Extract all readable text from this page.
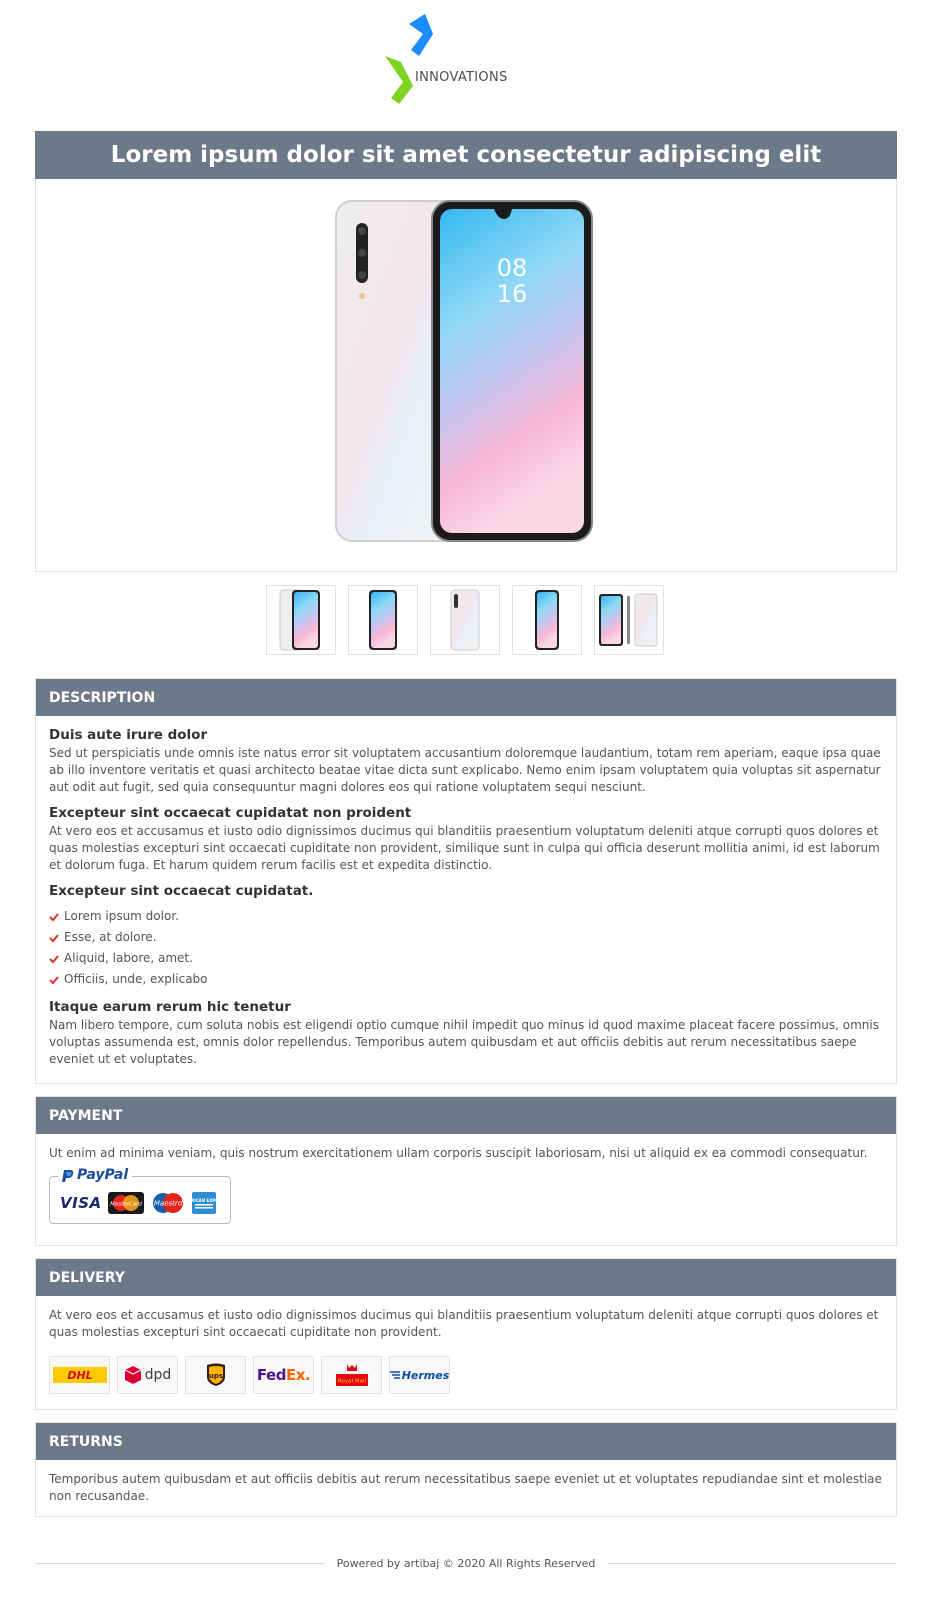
INNOVATIONS
Lorem ipsum dolor sit amet consectetur adipiscing elit
08
16
DESCRIPTION
Duis aute irure dolor
Sed ut perspiciatis unde omnis iste natus error sit voluptatem accusantium doloremque laudantium, totam rem aperiam, eaque ipsa quae ab illo inventore veritatis et quasi architecto beatae vitae dicta sunt explicabo. Nemo enim ipsam voluptatem quia voluptas sit aspernatur aut odit aut fugit, sed quia consequuntur magni dolores eos qui ratione voluptatem sequi nesciunt.
Excepteur sint occaecat cupidatat non proident
At vero eos et accusamus et iusto odio dignissimos ducimus qui blanditiis praesentium voluptatum deleniti atque corrupti quos dolores et quas molestias excepturi sint occaecati cupiditate non provident, similique sunt in culpa qui officia deserunt mollitia animi, id est laborum et dolorum fuga. Et harum quidem rerum facilis est et expedita distinctio.
Excepteur sint occaecat cupidatat.
Lorem ipsum dolor.
Esse, at dolore.
Aliquid, labore, amet.
Officiis, unde, explicabo
Itaque earum rerum hic tenetur
Nam libero tempore, cum soluta nobis est eligendi optio cumque nihil impedit quo minus id quod maxime placeat facere possimus, omnis voluptas assumenda est, omnis dolor repellendus. Temporibus autem quibusdam et aut officiis debitis aut rerum necessitatibus saepe eveniet ut et voluptates.
PAYMENT
Ut enim ad minima veniam, quis nostrum exercitationem ullam corporis suscipit laboriosam, nisi ut aliquid ex ea commodi consequatur.
PayPal
VISA MasterCard Maestro AMERICAN EXPRESS
DELIVERY
At vero eos et accusamus et iusto odio dignissimos ducimus qui blanditiis praesentium voluptatum deleniti atque corrupti quos dolores et quas molestias excepturi sint occaecati cupiditate non provident.
DHL	dpd	ups FedEx.	Royal Mail	Hermes
RETURNS
Temporibus autem quibusdam et aut officiis debitis aut rerum necessitatibus saepe eveniet ut et voluptates repudiandae sint et molestiae non recusandae.
Powered by artibaj © 2020 All Rights Reserved
